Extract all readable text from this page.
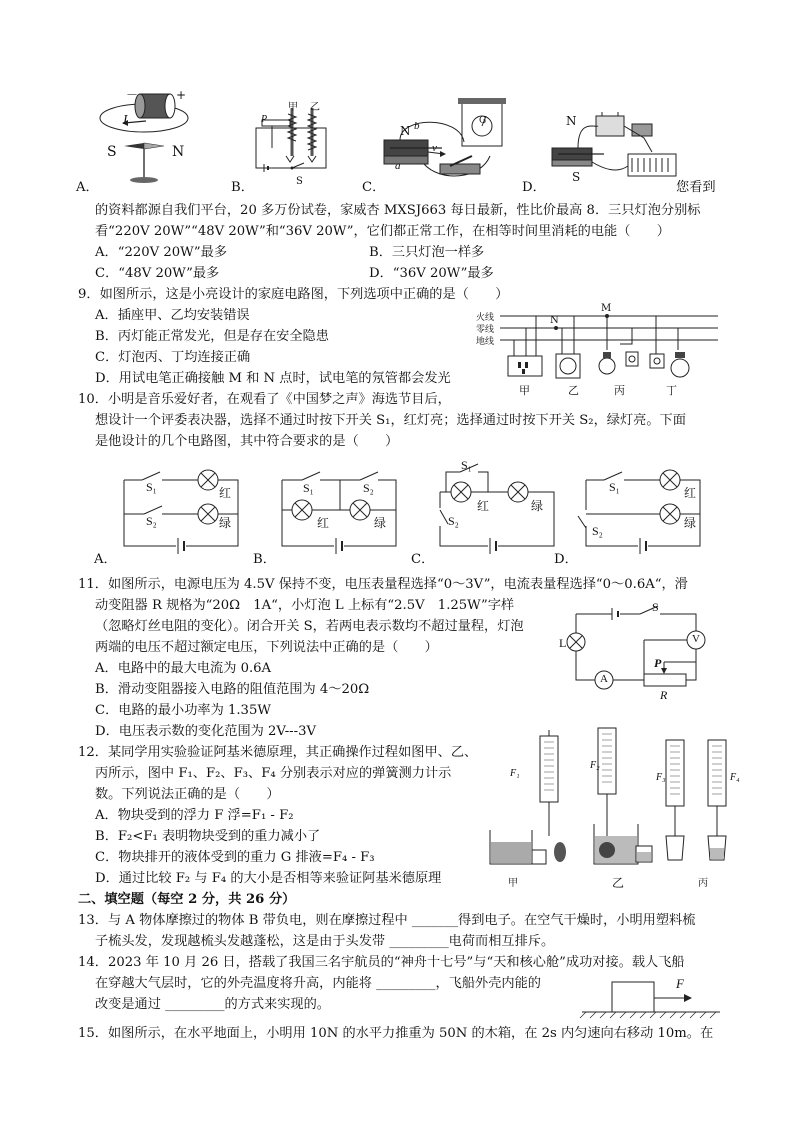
A．	B．	C．	D．	您看到
－	+
I
S	N
甲 乙
P
S
N b
a
v
G	N
S
的资料都源自我们平台，20 多万份试卷，家威杏 MXSJ663 每日最新，性比价最高 8．三只灯泡分别标
看“220V 20W”“48V 20W”和“36V 20W”，它们都正常工作，在相等时间里消耗的电能（　　）
A．“220V 20W”最多	B．三只灯泡一样多
C．“48V 20W”最多	D．“36V 20W”最多
9．如图所示，这是小亮设计的家庭电路图，下列选项中正确的是（　　）
A．插座甲、乙均安装错误
B．丙灯能正常发光，但是存在安全隐患
C．灯泡丙、丁均连接正确
D．用试电笔正确接触 M 和 N 点时，试电笔的氖管都会发光
火线
零线
地线
M
N
甲	乙	丙	丁
10．小明是音乐爱好者，在观看了《中国梦之声》海选节目后，
想设计一个评委表决器，选择不通过时按下开关 S₁，红灯亮；选择通过时按下开关 S₂，绿灯亮。下面
是他设计的几个电路图，其中符合要求的是（　　）
S₁
S₂
红
绿
A．
S₁	S₂
红	绿
B．
S₁
S₂
红	绿
C．
S₁
S₂
红
绿
D．
11．如图所示，电源电压为 4.5V 保持不变，电压表量程选择“0～3V”，电流表量程选择“0～0.6A“，滑
动变阻器 R 规格为“20Ω　1A“，小灯泡 L 上标有“2.5V　1.25W”字样
（忽略灯丝电阻的变化）。闭合开关 S，若两电表示数均不超过量程，灯泡
两端的电压不超过额定电压，下列说法中正确的是（　　）
A．电路中的最大电流为 0.6A
B．滑动变阻器接入电路的阻值范围为 4～20Ω
C．电路的最小功率为 1.35W
D．电压表示数的变化范围为 2V---3V
S
L	V
P
A
R
12．某同学用实验验证阿基米德原理，其正确操作过程如图甲、乙、
丙所示，图中 F₁、F₂、F₃、F₄ 分别表示对应的弹簧测力计示
数。下列说法正确的是（　　）
A．物块受到的浮力 F 浮=F₁ - F₂
B．F₂<F₁ 表明物块受到的重力减小了
C．物块排开的液体受到的重力 G 排液=F₄ - F₃
D．通过比较 F₂ 与 F₄ 的大小是否相等来验证阿基米德原理
F₁
F₂
F₃	F₄
甲	乙	丙
二、填空题（每空 2 分，共 26 分）
13．与 A 物体摩擦过的物体 B 带负电，则在摩擦过程中 _______得到电子。在空气干燥时，小明用塑料梳
子梳头发，发现越梳头发越蓬松，这是由于头发带 _________电荷而相互排斥。
14．2023 年 10 月 26 日，搭载了我国三名宇航员的“神舟十七号”与“天和核心舱”成功对接。载人飞船
在穿越大气层时，它的外壳温度将升高，内能将 _________，飞船外壳内能的
改变是通过 _________的方式来实现的。
F
15．如图所示，在水平地面上，小明用 10N 的水平力推重为 50N 的木箱，在 2s 内匀速向右移动 10m。在
